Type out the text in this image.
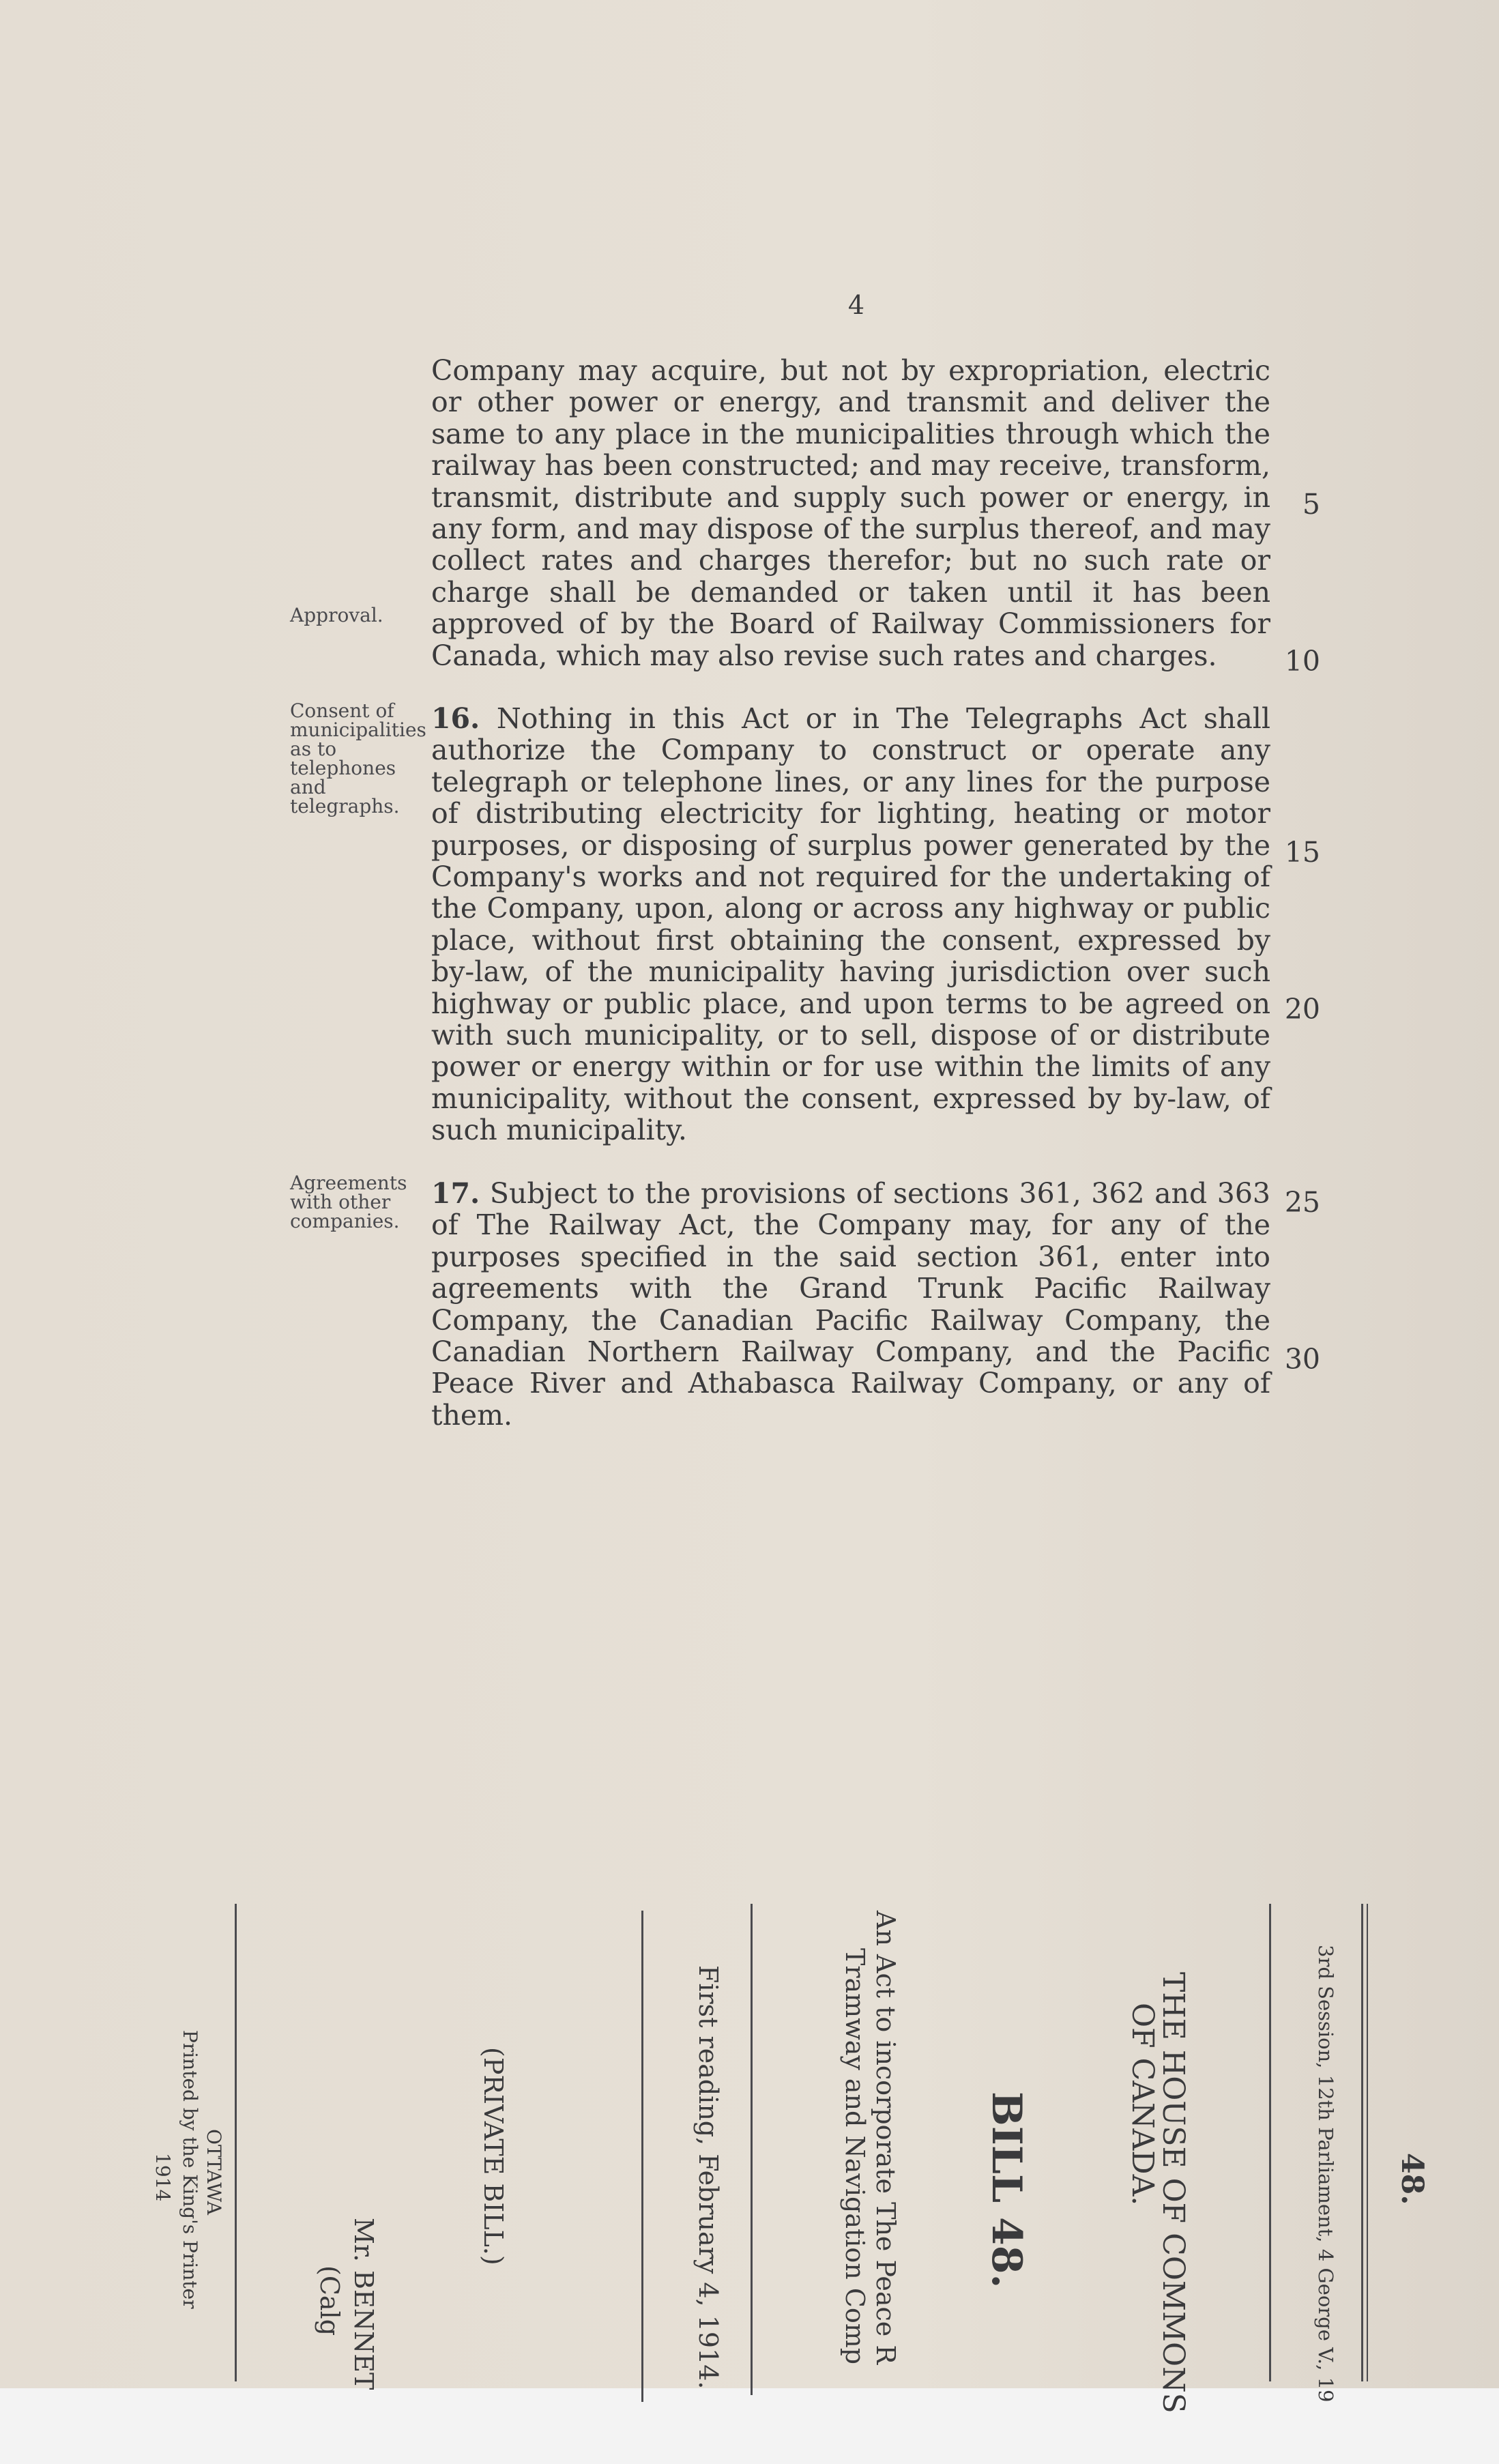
4

Company may acquire, but not by expropriation, electric or other power or energy, and transmit and deliver the same to any place in the municipalities through which the railway has been constructed; and may receive, transform, transmit, distribute and supply such power or energy, in any form, and may dispose of the surplus thereof, and may collect rates and charges therefor; but no such rate or charge shall be demanded or taken until it has been approved of by the Board of Railway Commissioners for Canada, which may also revise such rates and charges.

16. Nothing in this Act or in The Telegraphs Act shall authorize the Company to construct or operate any telegraph or telephone lines, or any lines for the purpose of distributing electricity for lighting, heating or motor purposes, or disposing of surplus power generated by the Company's works and not required for the undertaking of the Company, upon, along or across any highway or public place, without first obtaining the consent, expressed by by-law, of the municipality having jurisdiction over such highway or public place, and upon terms to be agreed on with such municipality, or to sell, dispose of or distribute power or energy within or for use within the limits of any municipality, without the consent, expressed by by-law, of such municipality.

17. Subject to the provisions of sections 361, 362 and 363 of The Railway Act, the Company may, for any of the purposes specified in the said section 361, enter into agreements with the Grand Trunk Pacific Railway Company, the Canadian Pacific Railway Company, the Canadian Northern Railway Company, and the Pacific Peace River and Athabasca Railway Company, or any of them.

5
10
15
20
25
30
Approval.
Consent of municipalities as to telephones and telegraphs.
Agreements with other companies.
48.
3rd Session, 12th Parliament, 4 George V., 19
THE HOUSE OF COMMONS
OF CANADA.
BILL 48.
An Act to incorporate The Peace R
Tramway and Navigation Comp
First reading, February 4, 1914.
(PRIVATE BILL.)
Mr. BENNET
(Calg
OTTAWA
Printed by the King's Printer
1914
